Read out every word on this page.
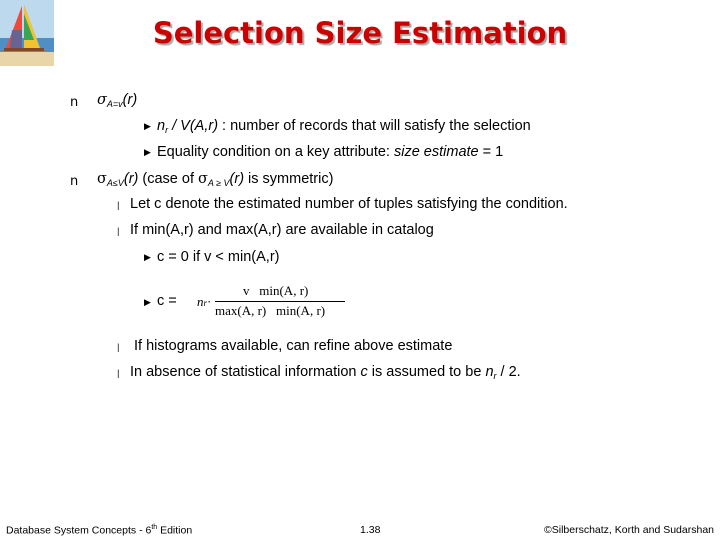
Selection Size Estimation
n $\sigma_{A=v}(r)$
▶ $n_r / V(A,r)$ : number of records that will satisfy the selection
▶ Equality condition on a key attribute: size estimate = 1
n $\sigma_{A\le V}(r)$ (case of $\sigma_{A \ge V}(r)$ is symmetric)
l Let c denote the estimated number of tuples satisfying the condition.
l If min(A,r) and max(A,r) are available in catalog
▶ c = 0 if v < min(A,r)
▶ c = nr·
v   min(A, r)
max(A, r)   min(A, r)
l If histograms available, can refine above estimate
l In absence of statistical information c is assumed to be $n_r / 2$.
Database System Concepts - 6th Edition	1.38	©Silberschatz, Korth and Sudarshan
